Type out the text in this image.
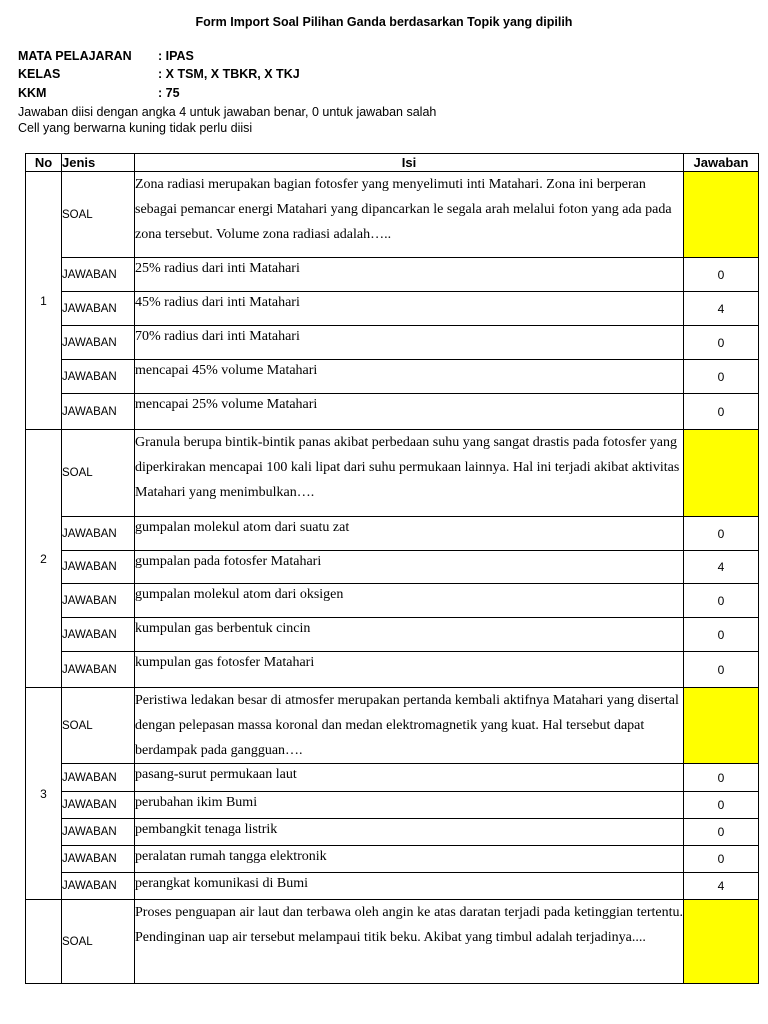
Form Import Soal Pilihan Ganda berdasarkan Topik yang dipilih
MATA PELAJARAN : IPAS
KELAS	: X TSM, X TBKR, X TKJ
KKM	: 75
Jawaban diisi dengan angka 4 untuk jawaban benar, 0 untuk jawaban salah
Cell yang berwarna kuning tidak perlu diisi
No	Jenis	Isi	Jawaban
1	SOAL	Zona radiasi merupakan bagian fotosfer yang menyelimuti inti Matahari. Zona ini berperan sebagai pemancar energi Matahari yang dipancarkan le segala arah melalui foton yang ada pada zona tersebut. Volume zona radiasi adalah…..	
	JAWABAN	25% radius dari inti Matahari	0
	JAWABAN	45% radius dari inti Matahari	4
	JAWABAN	70% radius dari inti Matahari	0
	JAWABAN	mencapai 45% volume Matahari	0
	JAWABAN	mencapai 25% volume Matahari	0
2	SOAL	Granula berupa bintik-bintik panas akibat perbedaan suhu yang sangat drastis pada fotosfer yang diperkirakan mencapai 100 kali lipat dari suhu permukaan lainnya. Hal ini terjadi akibat aktivitas Matahari yang menimbulkan….	
	JAWABAN	gumpalan molekul atom dari suatu zat	0
	JAWABAN	gumpalan pada fotosfer Matahari	4
	JAWABAN	gumpalan molekul atom dari oksigen	0
	JAWABAN	kumpulan gas berbentuk cincin	0
	JAWABAN	kumpulan gas fotosfer Matahari	0
3	SOAL	Peristiwa ledakan besar di atmosfer merupakan pertanda kembali aktifnya Matahari yang disertal dengan pelepasan massa koronal dan medan elektromagnetik yang kuat. Hal tersebut dapat berdampak pada gangguan….	
	JAWABAN	pasang-surut permukaan laut	0
	JAWABAN	perubahan ikim Bumi	0
	JAWABAN	pembangkit tenaga listrik	0
	JAWABAN	peralatan rumah tangga elektronik	0
	JAWABAN	perangkat komunikasi di Bumi	4
	SOAL	Proses penguapan air laut dan terbawa oleh angin ke atas daratan terjadi pada ketinggian tertentu. Pendinginan uap air tersebut melampaui titik beku. Akibat yang timbul adalah terjadinya....	
